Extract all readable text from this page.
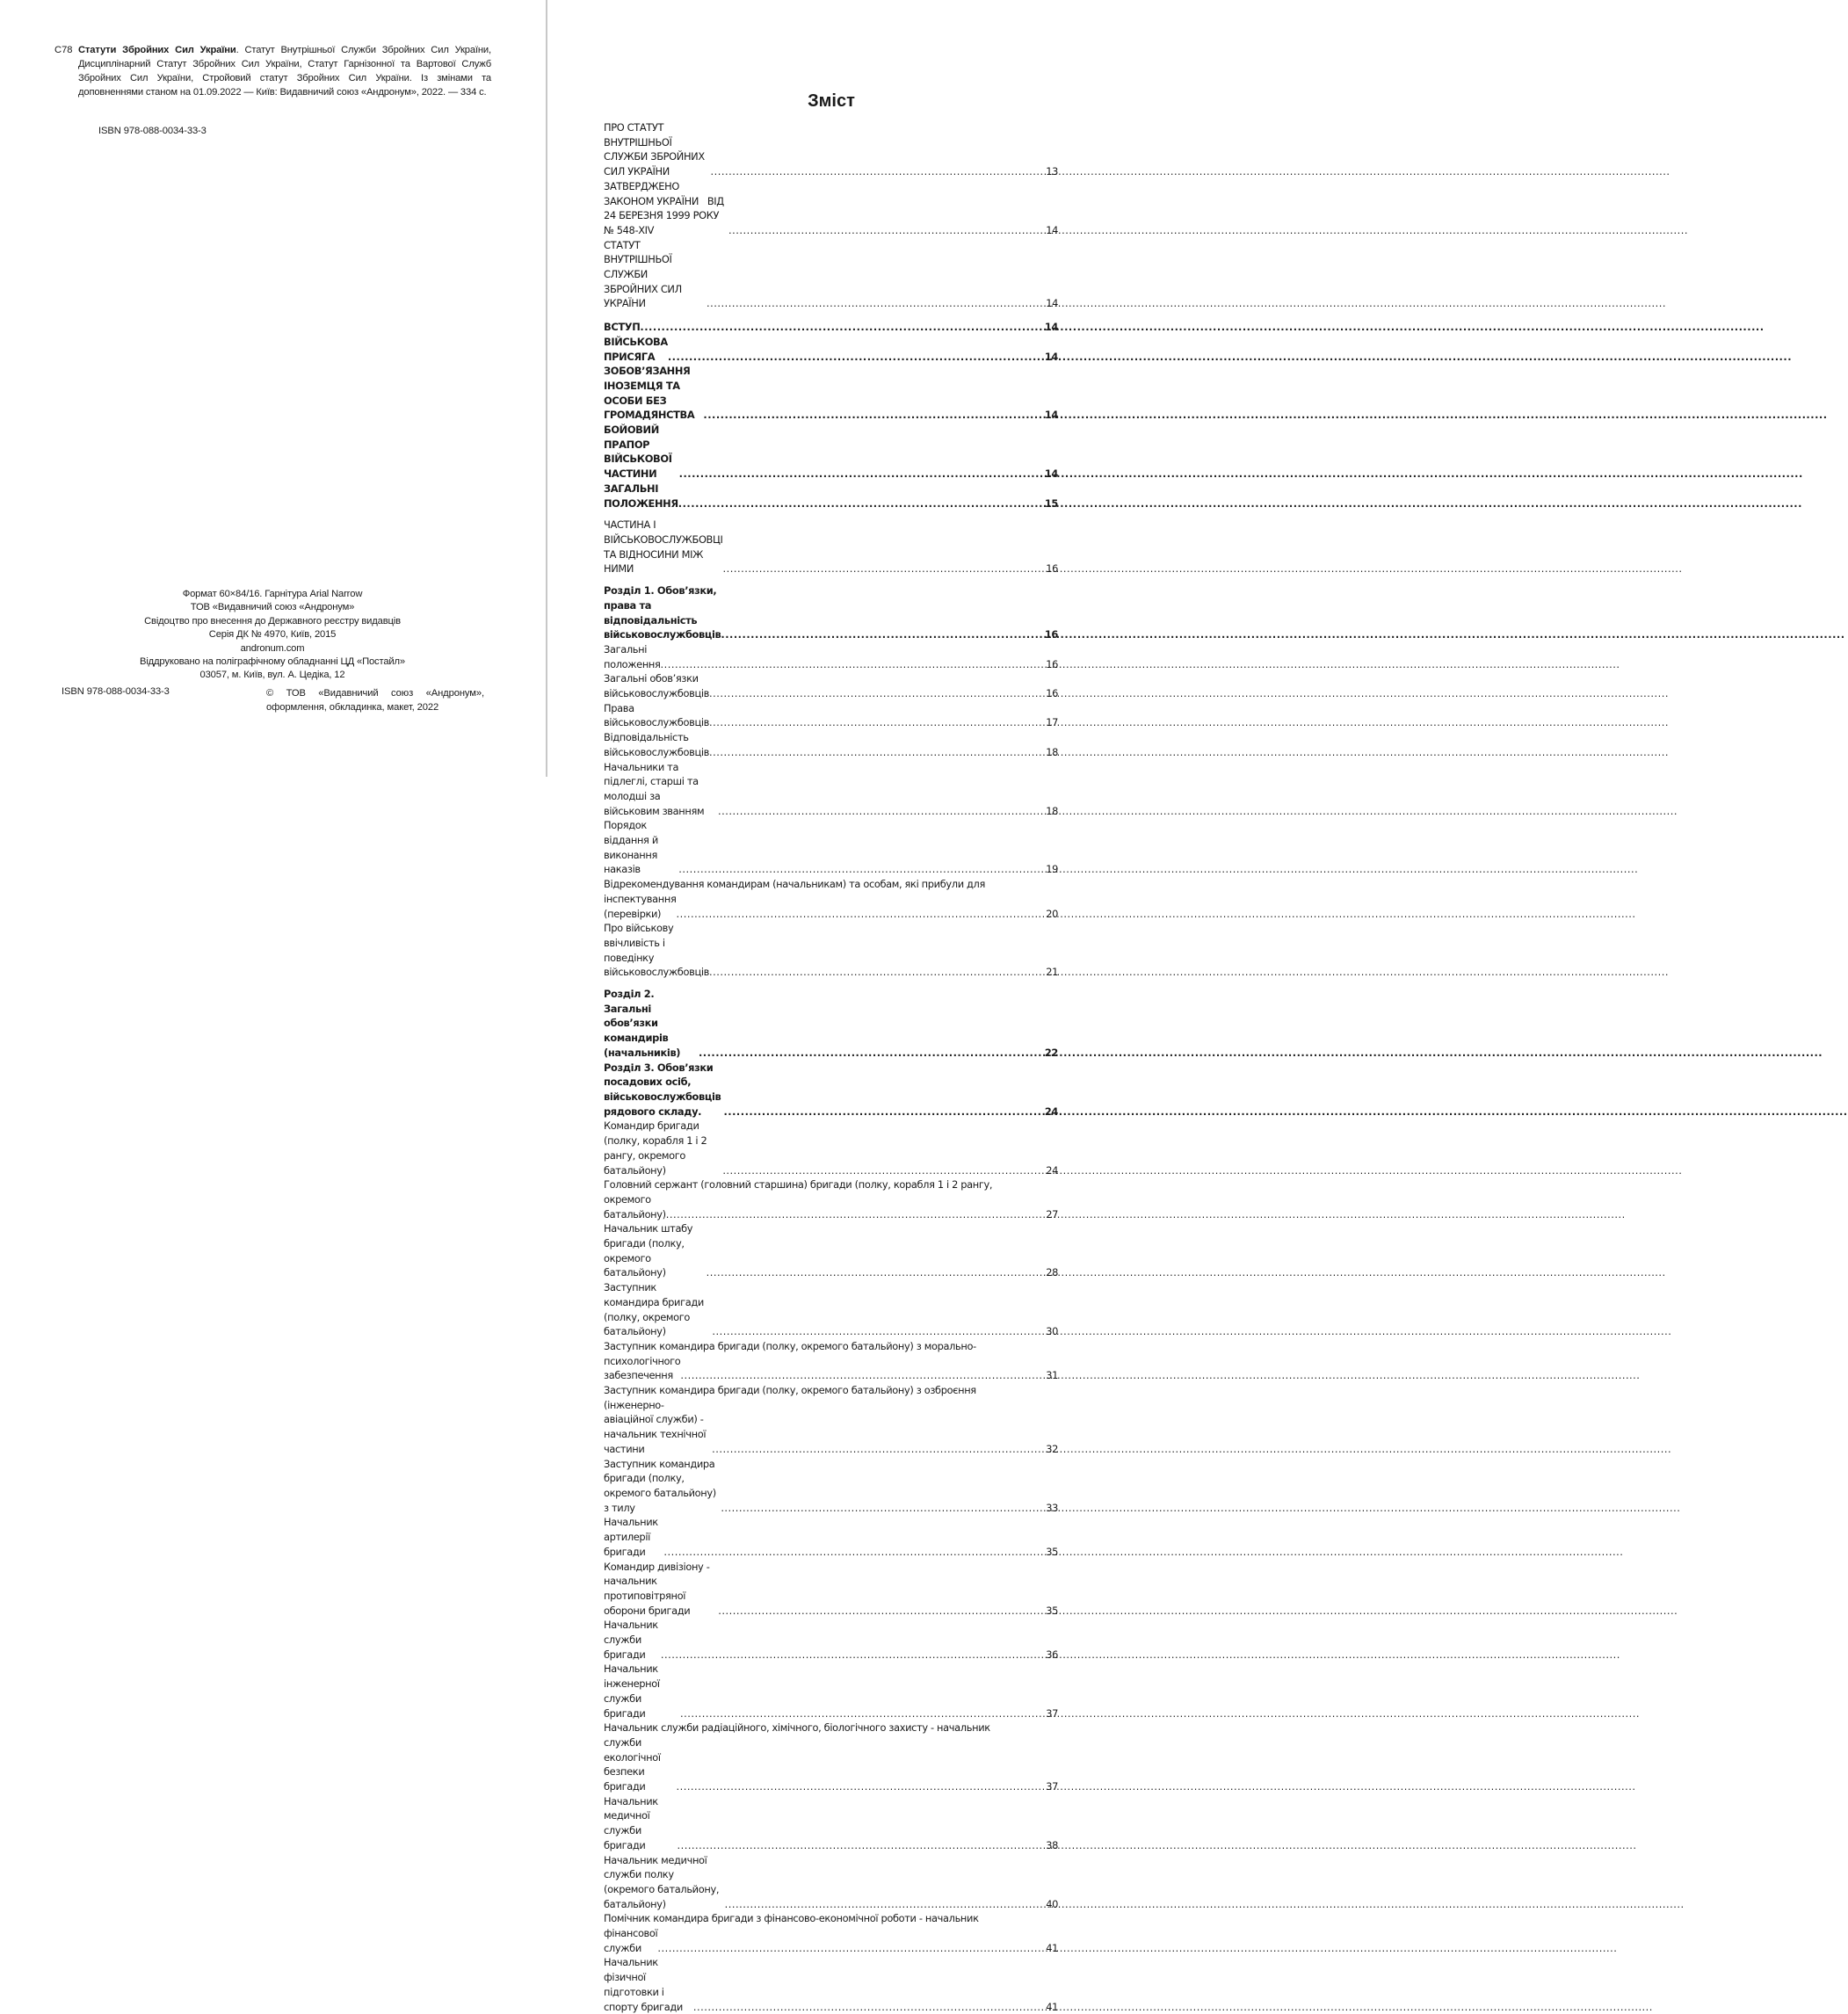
С78 Статути Збройних Сил України. Статут Внутрішньої Служби Збройних Сил України, Дисциплінарний Статут Збройних Сил України, Статут Гарнізонної та Вартової Служб Збройних Сил України, Стройовий статут Збройних Сил України. Із змінами та доповненнями станом на 01.09.2022 — Київ: Видавничий союз «Андронум», 2022. — 334 с.
ISBN 978-088-0034-33-3
Формат 60×84/16. Гарнітура Arial Narrow
ТОВ «Видавничий союз «Андронум»
Свідоцтво про внесення до Державного реєстру видавців
Серія ДК № 4970, Київ, 2015
andronum.com
Віддруковано на поліграфічному обладнанні ЦД «Постайл»
03057, м. Київ, вул. А. Цедіка, 12
ISBN 978-088-0034-33-3	© ТОВ «Видавничий союз «Андронум», оформлення, обкладинка, макет, 2022
Зміст
ПРО СТАТУТ ВНУТРІШНЬОЇ СЛУЖБИ ЗБРОЙНИХ СИЛ УКРАЇНИ .....	13
ЗАТВЕРДЖЕНО   ЗАКОНОМ УКРАЇНИ   ВІД 24 БЕРЕЗНЯ 1999 РОКУ № 548-XIV .....	14
СТАТУТ   ВНУТРІШНЬОЇ СЛУЖБИ   ЗБРОЙНИХ СИЛ УКРАЇНИ .....	14
ВСТУП .....	14
ВІЙСЬКОВА ПРИСЯГА .....	14
ЗОБОВ’ЯЗАННЯ ІНОЗЕМЦЯ ТА ОСОБИ БЕЗ ГРОМАДЯНСТВА .....	14
БОЙОВИЙ ПРАПОР ВІЙСЬКОВОЇ ЧАСТИНИ .....	14
ЗАГАЛЬНІ ПОЛОЖЕННЯ .....	15
ЧАСТИНА І   ВІЙСЬКОВОСЛУЖБОВЦІ ТА ВІДНОСИНИ МІЖ НИМИ .....	16
Розділ 1. Обов’язки, права та відповідальність військовослужбовців .....	16
Загальні положення .....	16
Загальні обов’язки військовослужбовців .....	16
Права військовослужбовців .....	17
Відповідальність військовослужбовців .....	18
Начальники та підлеглі, старші та молодші за військовим званням .....	18
Порядок віддання й виконання наказів .....	19
Відрекомендування командирам (начальникам) та особам, які прибули для
інспектування (перевірки) .....	20
Про військову ввічливість і поведінку військовослужбовців .....	21
Розділ 2. Загальні обов’язки командирів (начальників) .....	22
Розділ 3. Обов’язки посадових осіб, військовослужбовців рядового складу. .....	24
Командир бригади (полку, корабля 1 і 2 рангу, окремого батальйону) .....	24
Головний сержант (головний старшина) бригади (полку, корабля 1 і 2 рангу,
окремого батальйону) .....	27
Начальник штабу бригади (полку, окремого батальйону) .....	28
Заступник командира бригади (полку, окремого батальйону) .....	30
Заступник командира бригади (полку, окремого батальйону) з морально-
психологічного забезпечення .....	31
Заступник командира бригади (полку, окремого батальйону) з озброєння
(інженерно-авіаційної служби) - начальник технічної частини .....	32
Заступник командира бригади (полку, окремого батальйону) з тилу .....	33
Начальник артилерії бригади .....	35
Командир дивізіону - начальник протиповітряної оборони бригади .....	35
Начальник служби бригади .....	36
Начальник інженерної служби бригади .....	37
Начальник служби радіаційного, хімічного, біологічного захисту - начальник
служби екологічної безпеки бригади .....	37
Начальник медичної служби бригади .....	38
Начальник медичної служби полку (окремого батальйону, батальйону) .....	40
Помічник командира бригади з фінансово-економічної роботи - начальник
фінансової служби .....	41
Начальник фізичної підготовки і спорту бригади .....	41
